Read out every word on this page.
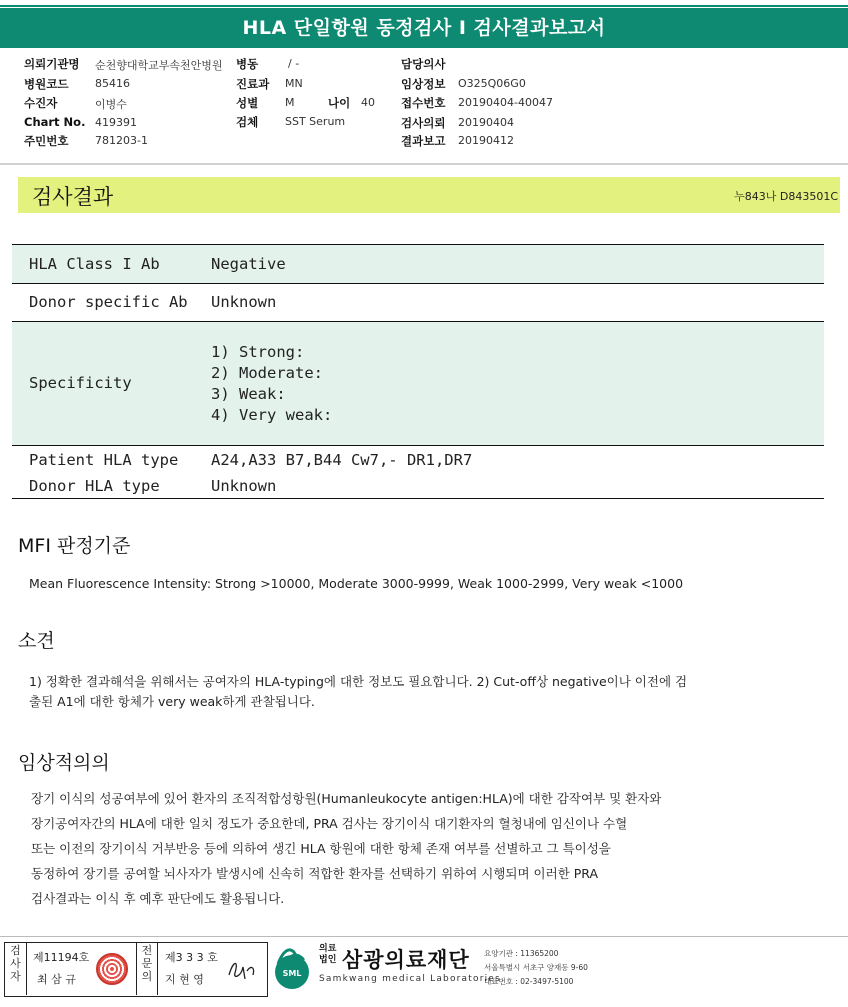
HLA 단일항원 동정검사 I 검사결과보고서
의뢰기관명 순천향대학교부속천안병원 병동	/ -	담당의사
병원코드 85416	진료과 MN	임상정보 O325Q06G0
수진자	이병수	성별 M	나이 40 접수번호 20190404-40047
Chart No. 419391	검체 SST Serum	검사의뢰 20190404
주민번호 781203-1	결과보고 20190412
검사결과	누843나 D843501C
HLA Class I Ab	Negative
Donor specific Ab Unknown
Specificity
1) Strong:
2) Moderate:
3) Weak:
4) Very weak:
Patient HLA type A24,A33 B7,B44 Cw7,- DR1,DR7
Donor HLA type	Unknown
MFI 판정기준
Mean Fluorescence Intensity: Strong >10000, Moderate 3000-9999, Weak 1000-2999, Very weak <1000
소견
1) 정확한 결과해석을 위해서는 공여자의 HLA-typing에 대한 정보도 필요합니다. 2) Cut-off상 negative이나 이전에 검
출된 A1에 대한 항체가 very weak하게 관찰됩니다.
임상적의의
장기 이식의 성공여부에 있어 환자의 조직적합성항원(Humanleukocyte antigen:HLA)에 대한 감작여부 및 환자와
장기공여자간의 HLA에 대한 일치 정도가 중요한데, PRA 검사는 장기이식 대기환자의 혈청내에 임신이나 수혈
또는 이전의 장기이식 거부반응 등에 의하여 생긴 HLA 항원에 대한 항체 존재 여부를 선별하고 그 특이성을
동정하여 장기를 공여할 뇌사자가 발생시에 신속히 적합한 환자를 선택하기 위하여 시행되며 이러한 PRA
검사결과는 이식 후 예후 판단에도 활용됩니다.
검사자
제11194호
최 삼 규
전문의
제3 3 3 호
지 현 영	SML
의료
법인 삼광의료재단
Samkwang medical Laboratories
요양기관 : 11365200
서울특별시 서초구 양재동 9-60
대표번호 : 02-3497-5100
